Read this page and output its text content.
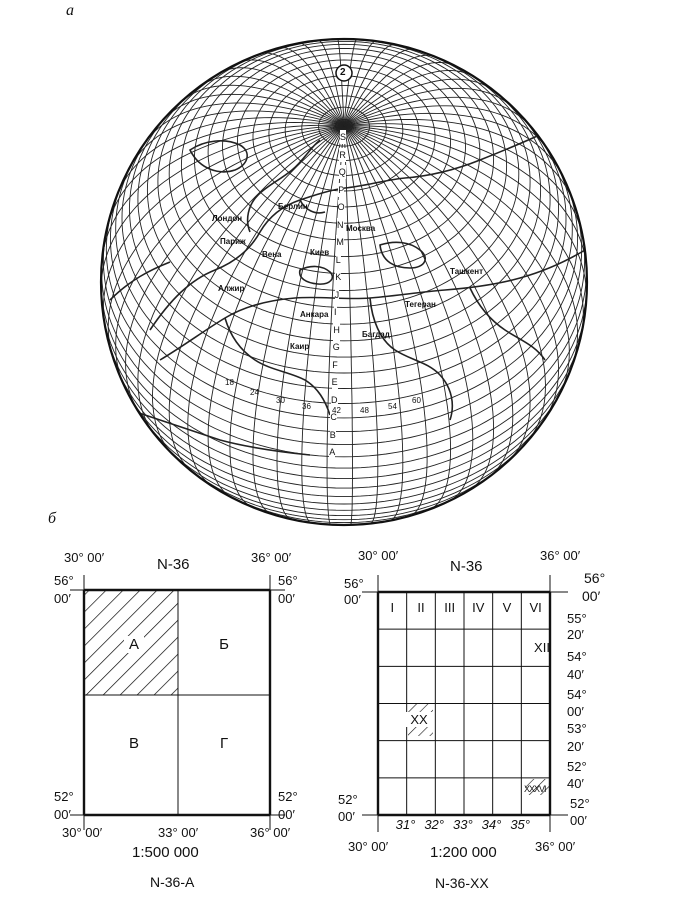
а
2
S
R
Q
P
O
N
M
L
K
J
I
H
G
F
E
D
C
B
A
18
24
30
36	42 48 54
60
Москва
Киев
Анкара
Багдад
Тегеран
Вена
Берлин
Париж
Лондон
Алжир
Каир
Ташкент
б
30° 00′	N-36	36° 00′
56°
00′
56°
00′
52°
00′
52°
00′
30° 00′	33° 00′	36° 00′
А	Б
В	Г
1:500 000
N-36-А
30° 00′
N-36
36° 00′
56°
00′
56°
00′
52°
00′
52°
00′
30° 00′	36° 00′
I	II	III	IV	V	VI
55°
20′
54°
40′
54°
00′
53°
20′
52°
40′
31° 32° 33° 34° 35°
XII
XX
XXXVI
1:200 000
N-36-XX
